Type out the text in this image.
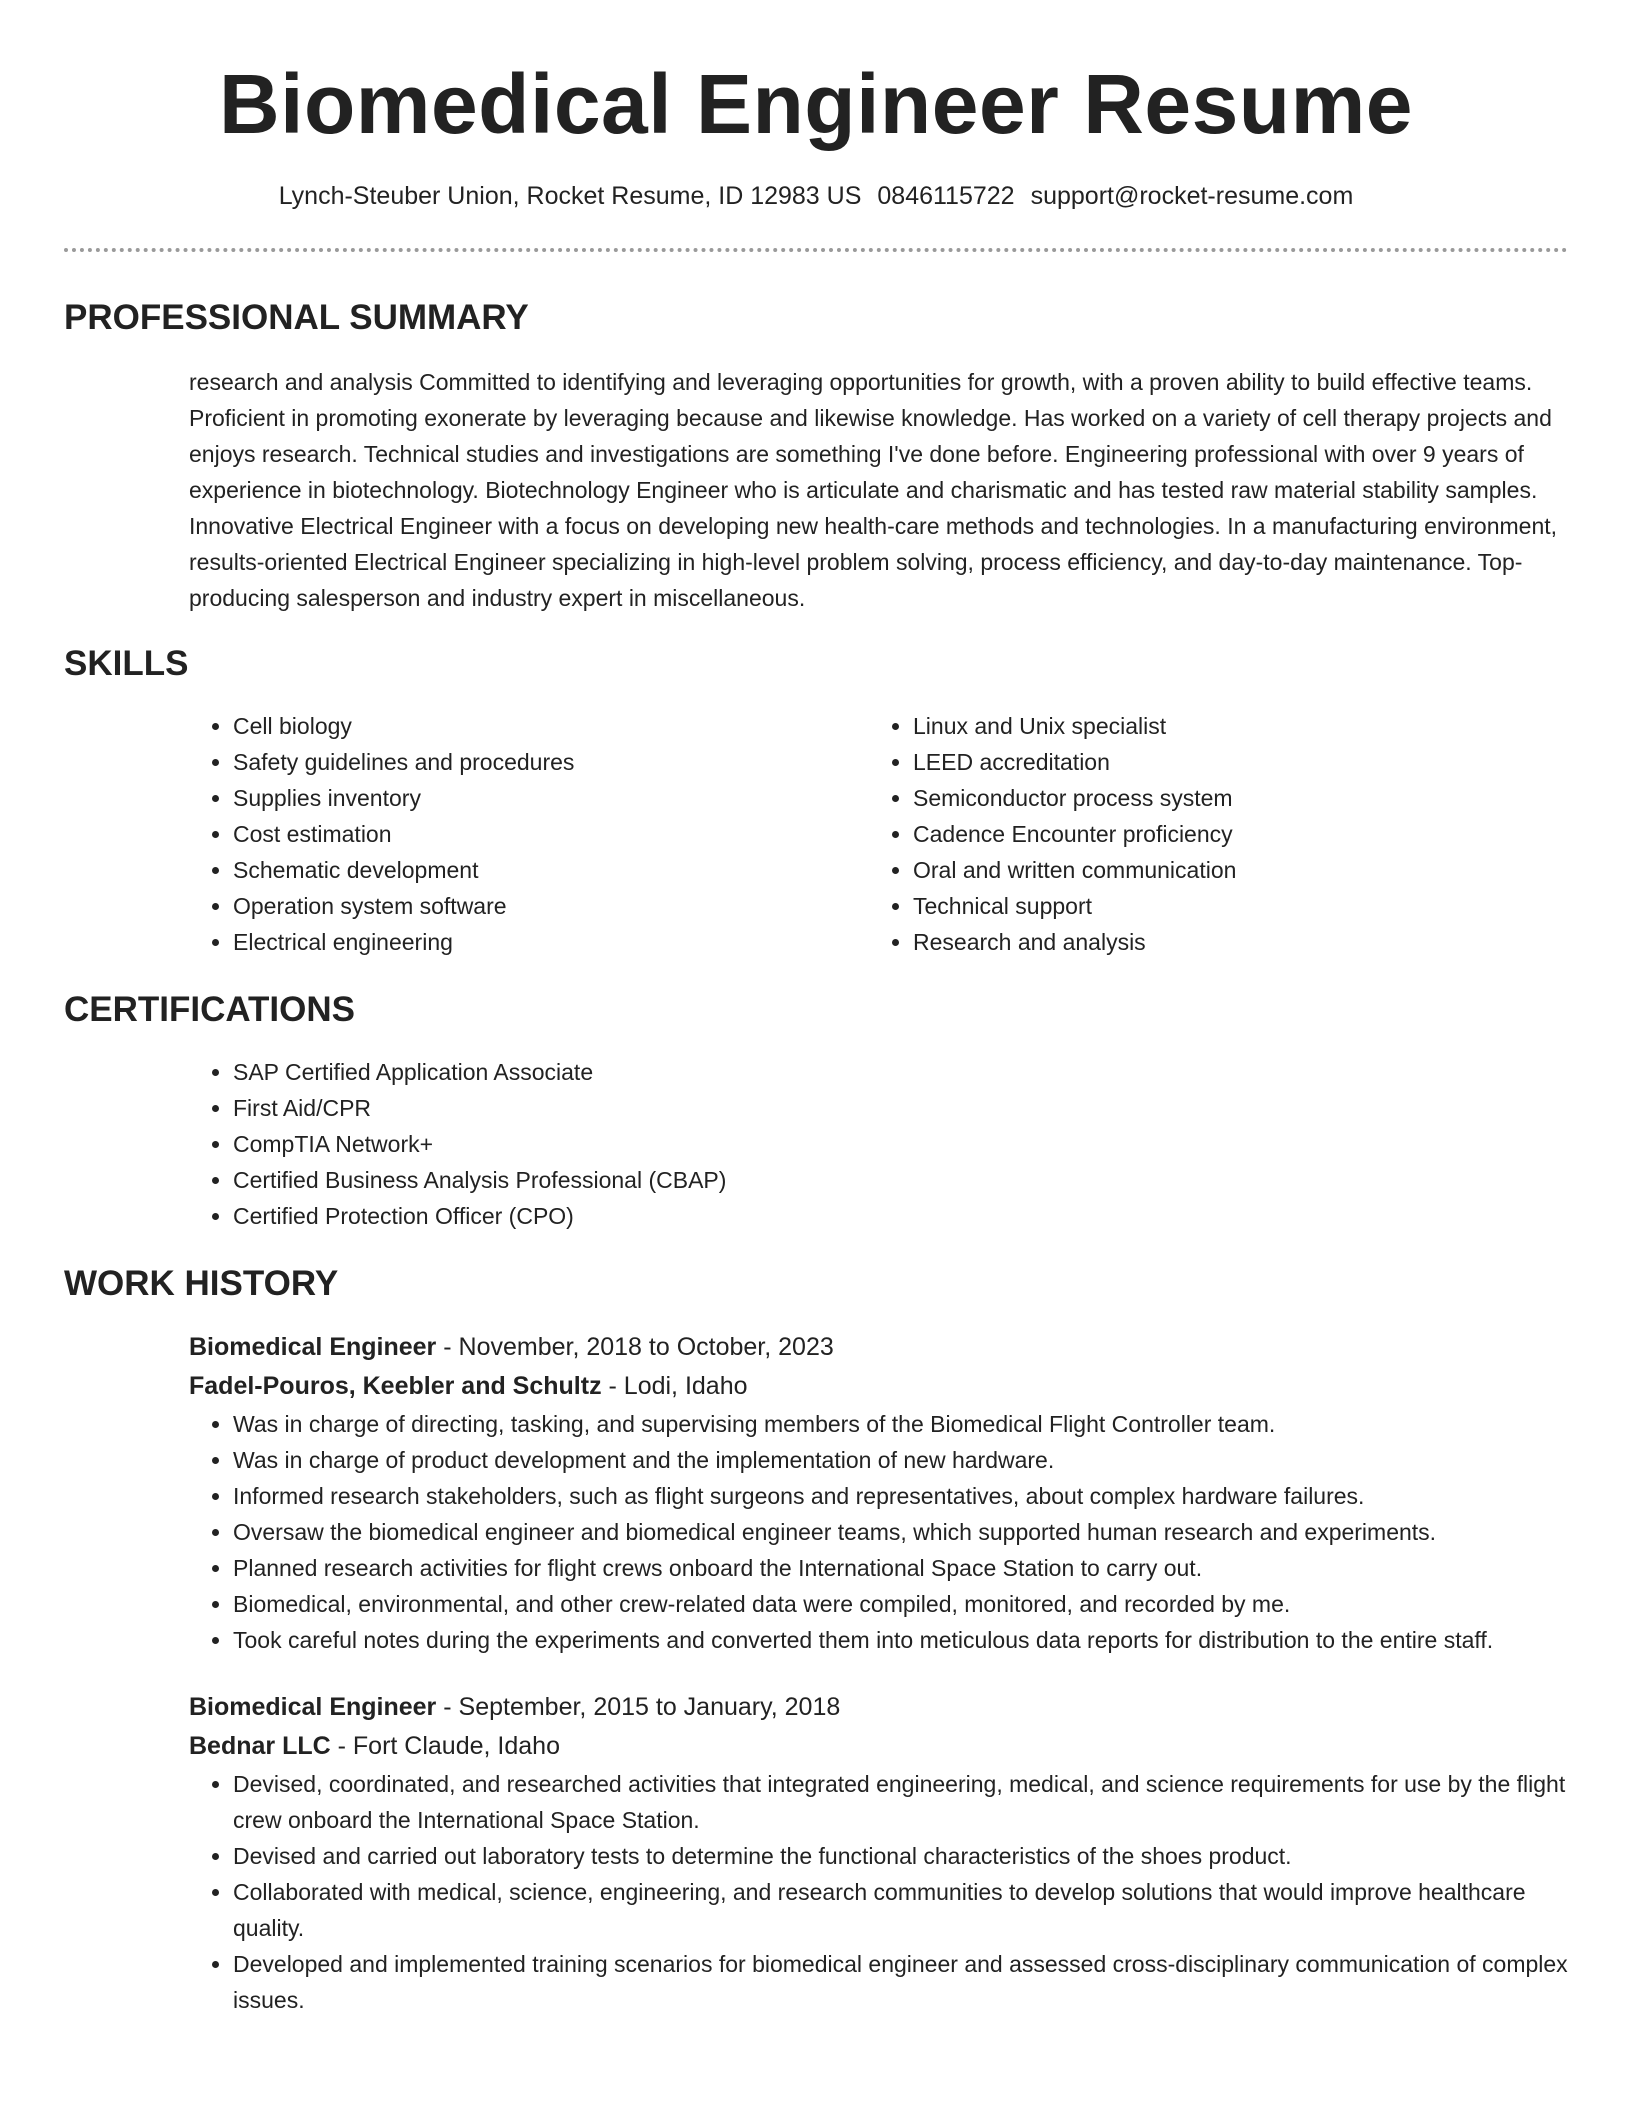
Biomedical Engineer Resume
Lynch-Steuber Union, Rocket Resume, ID 12983 US 0846115722 support@rocket-resume.com
PROFESSIONAL SUMMARY
research and analysis Committed to identifying and leveraging opportunities for growth, with a proven ability to build effective teams. Proficient in promoting exonerate by leveraging because and likewise knowledge. Has worked on a variety of cell therapy projects and enjoys research. Technical studies and investigations are something I've done before. Engineering professional with over 9 years of experience in biotechnology. Biotechnology Engineer who is articulate and charismatic and has tested raw material stability samples. Innovative Electrical Engineer with a focus on developing new health-care methods and technologies. In a manufacturing environment, results-oriented Electrical Engineer specializing in high-level problem solving, process efficiency, and day-to-day maintenance. Top-producing salesperson and industry expert in miscellaneous.
SKILLS
• Cell biology
• Safety guidelines and procedures
• Supplies inventory
• Cost estimation
• Schematic development
• Operation system software
• Electrical engineering
• Linux and Unix specialist
• LEED accreditation
• Semiconductor process system
• Cadence Encounter proficiency
• Oral and written communication
• Technical support
• Research and analysis
CERTIFICATIONS
• SAP Certified Application Associate
• First Aid/CPR
• CompTIA Network+
• Certified Business Analysis Professional (CBAP)
• Certified Protection Officer (CPO)
WORK HISTORY
Biomedical Engineer - November, 2018 to October, 2023
Fadel-Pouros, Keebler and Schultz - Lodi, Idaho
• Was in charge of directing, tasking, and supervising members of the Biomedical Flight Controller team.
• Was in charge of product development and the implementation of new hardware.
• Informed research stakeholders, such as flight surgeons and representatives, about complex hardware failures.
• Oversaw the biomedical engineer and biomedical engineer teams, which supported human research and experiments.
• Planned research activities for flight crews onboard the International Space Station to carry out.
• Biomedical, environmental, and other crew-related data were compiled, monitored, and recorded by me.
• Took careful notes during the experiments and converted them into meticulous data reports for distribution to the entire staff.
Biomedical Engineer - September, 2015 to January, 2018
Bednar LLC - Fort Claude, Idaho
• Devised, coordinated, and researched activities that integrated engineering, medical, and science requirements for use by the flight crew onboard the International Space Station.
• Devised and carried out laboratory tests to determine the functional characteristics of the shoes product.
• Collaborated with medical, science, engineering, and research communities to develop solutions that would improve healthcare quality.
• Developed and implemented training scenarios for biomedical engineer and assessed cross-disciplinary communication of complex issues.
